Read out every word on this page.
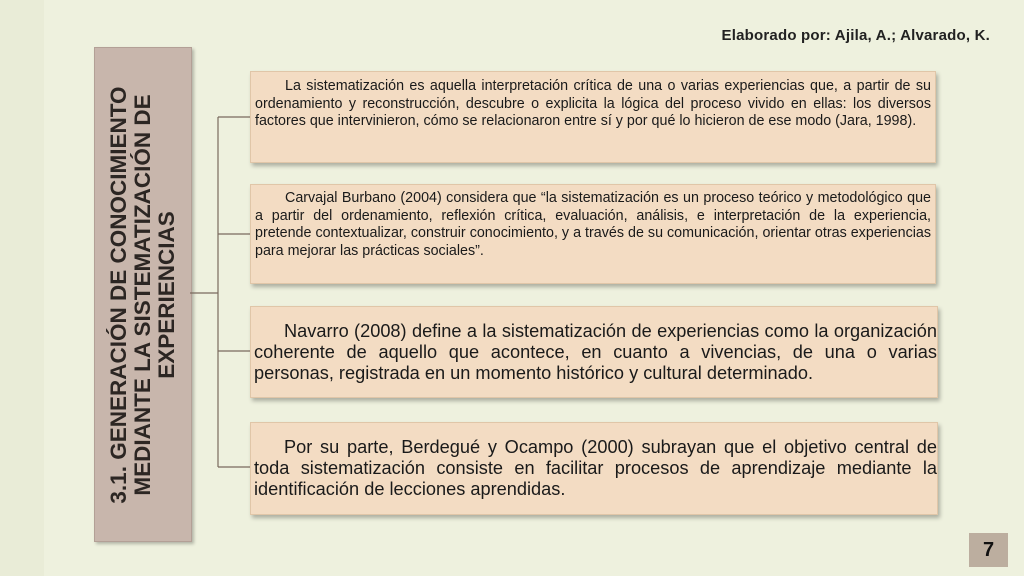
Elaborado por: Ajila, A.; Alvarado, K.
3.1. GENERACIÓN DE CONOCIMIENTO MEDIANTE LA SISTEMATIZACIÓN DE EXPERIENCIAS

La sistematización es aquella interpretación crítica de una o varias experiencias que, a partir de su ordenamiento y reconstrucción, descubre o explicita la lógica del proceso vivido en ellas: los diversos factores que intervinieron, cómo se relacionaron entre sí y por qué lo hicieron de ese modo (Jara, 1998).

Carvajal Burbano (2004) considera que “la sistematización es un proceso teórico y metodológico que a partir del ordenamiento, reflexión crítica, evaluación, análisis, e interpretación de la experiencia, pretende contextualizar, construir conocimiento, y a través de su comunicación, orientar otras experiencias para mejorar las prácticas sociales”.

Navarro (2008) define a la sistematización de experiencias como la organización coherente de aquello que acontece, en cuanto a vivencias, de una o varias personas, registrada en un momento histórico y cultural determinado.

Por su parte, Berdegué y Ocampo (2000) subrayan que el objetivo central de toda sistematización consiste en facilitar procesos de aprendizaje mediante la identificación de lecciones aprendidas.

7
